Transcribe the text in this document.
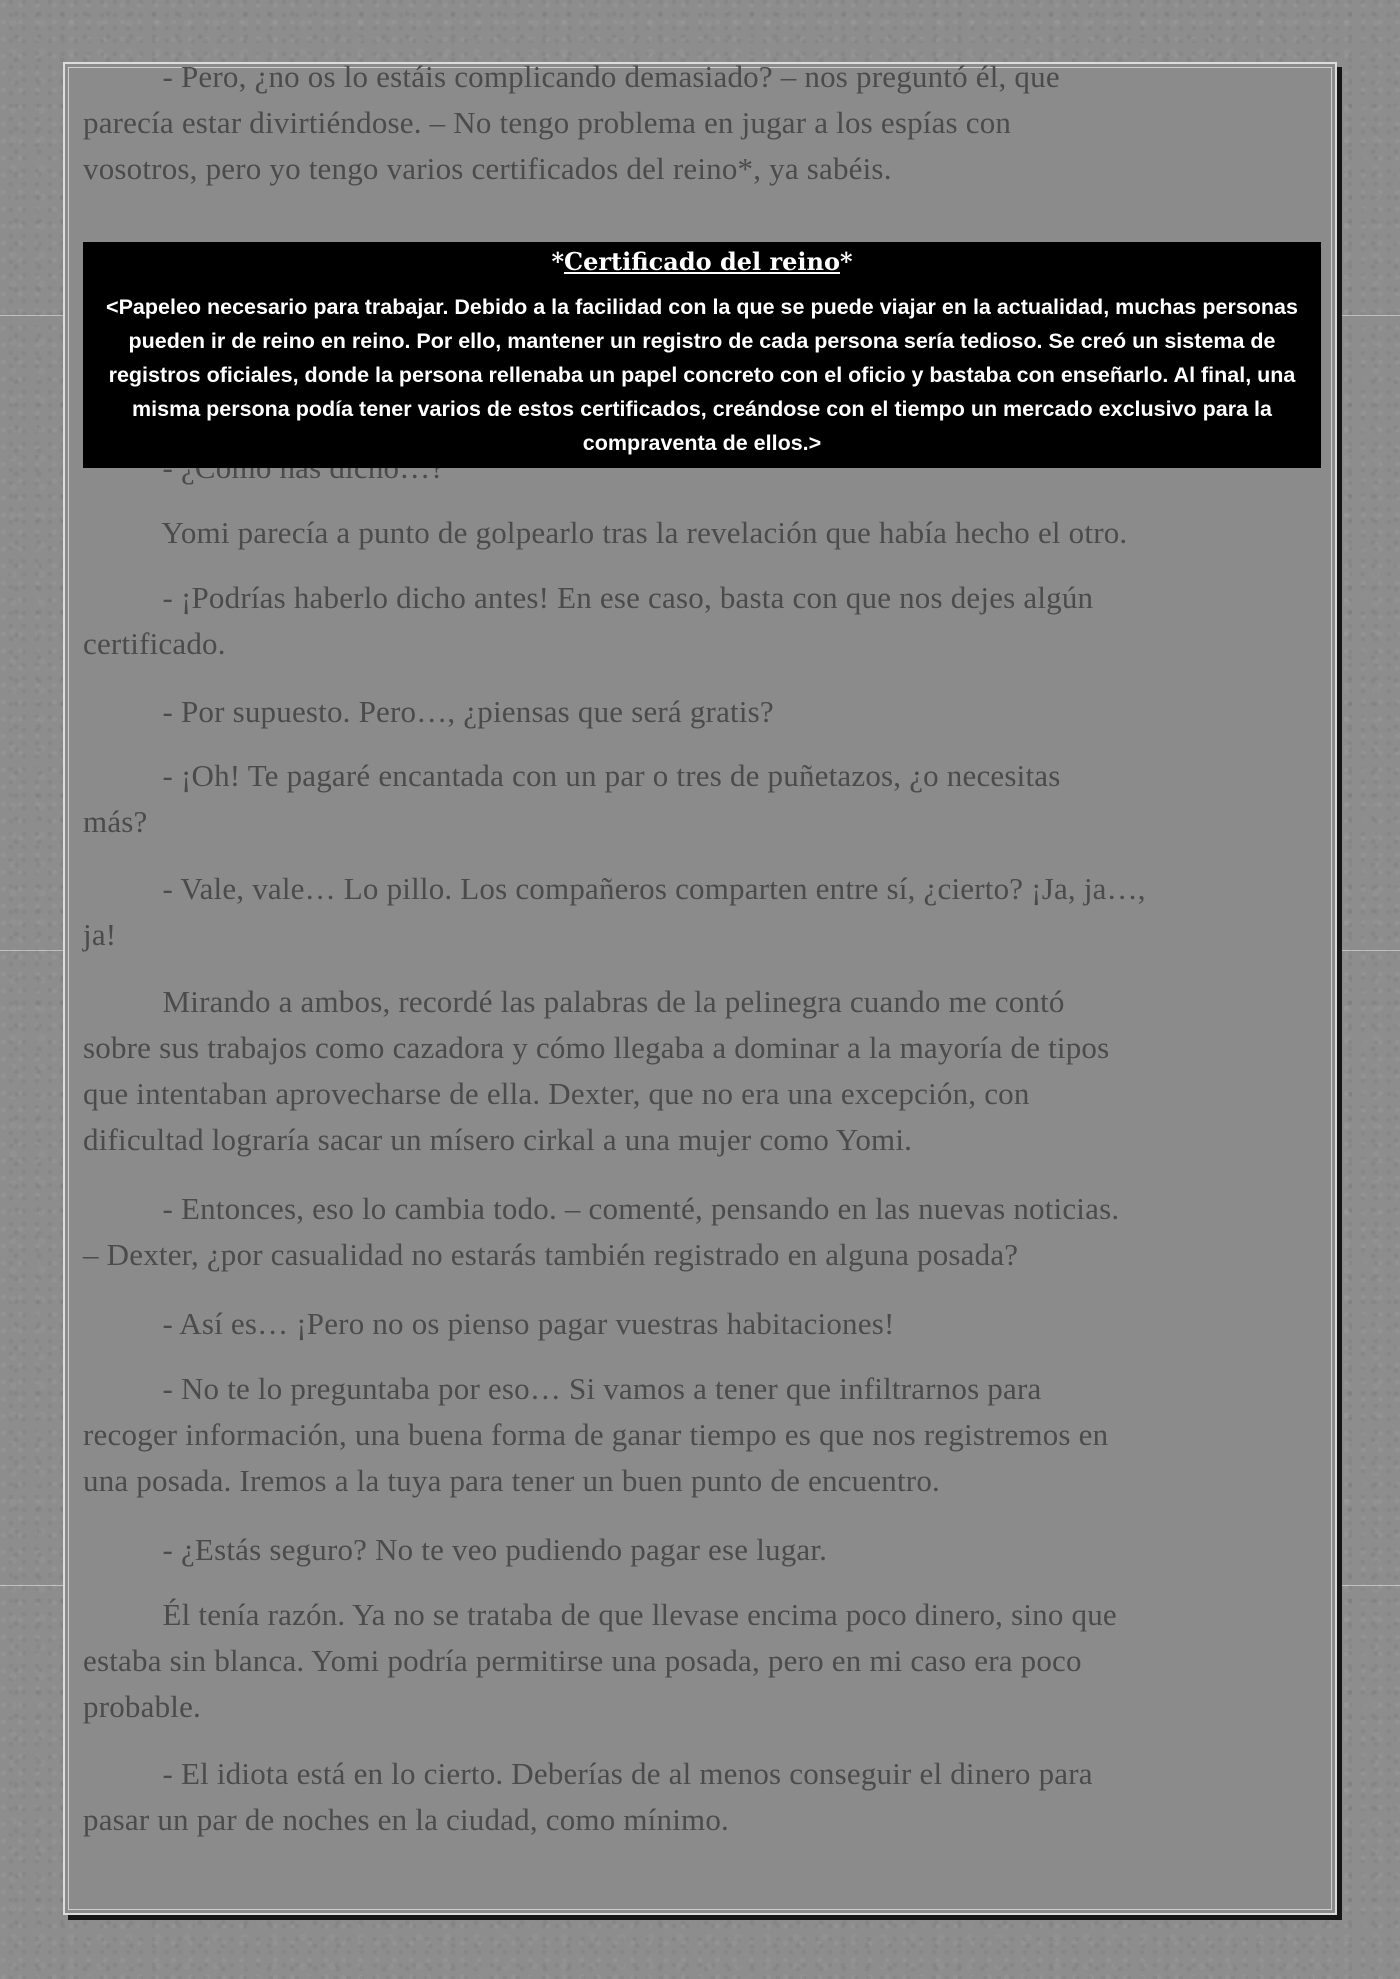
- Pero, ¿no os lo estáis complicando demasiado? – nos preguntó él, que
parecía estar divirtiéndose. – No tengo problema en jugar a los espías con
vosotros, pero yo tengo varios certificados del reino*, ya sabéis.
Yomi parecía a punto de golpearlo tras la revelación que había hecho el otro.
- ¡Podrías haberlo dicho antes! En ese caso, basta con que nos dejes algún
certificado.
- Por supuesto. Pero…, ¿piensas que será gratis?
- ¡Oh! Te pagaré encantada con un par o tres de puñetazos, ¿o necesitas
más?
- Vale, vale… Lo pillo. Los compañeros comparten entre sí, ¿cierto? ¡Ja, ja…,
ja!
Mirando a ambos, recordé las palabras de la pelinegra cuando me contó
sobre sus trabajos como cazadora y cómo llegaba a dominar a la mayoría de tipos
que intentaban aprovecharse de ella. Dexter, que no era una excepción, con
dificultad lograría sacar un mísero cirkal a una mujer como Yomi.
- Entonces, eso lo cambia todo. – comenté, pensando en las nuevas noticias.
– Dexter, ¿por casualidad no estarás también registrado en alguna posada?
- Así es… ¡Pero no os pienso pagar vuestras habitaciones!
- No te lo preguntaba por eso… Si vamos a tener que infiltrarnos para
recoger información, una buena forma de ganar tiempo es que nos registremos en
una posada. Iremos a la tuya para tener un buen punto de encuentro.
- ¿Estás seguro? No te veo pudiendo pagar ese lugar.
Él tenía razón. Ya no se trataba de que llevase encima poco dinero, sino que
estaba sin blanca. Yomi podría permitirse una posada, pero en mi caso era poco
probable.
- El idiota está en lo cierto. Deberías de al menos conseguir el dinero para
pasar un par de noches en la ciudad, como mínimo.
*Certificado del reino*
<Papeleo necesario para trabajar. Debido a la facilidad con la que se puede viajar en la actualidad, muchas personas
pueden ir de reino en reino. Por ello, mantener un registro de cada persona sería tedioso. Se creó un sistema de
registros oficiales, donde la persona rellenaba un papel concreto con el oficio y bastaba con enseñarlo. Al final, una
misma persona podía tener varios de estos certificados, creándose con el tiempo un mercado exclusivo para la
compraventa de ellos.>
